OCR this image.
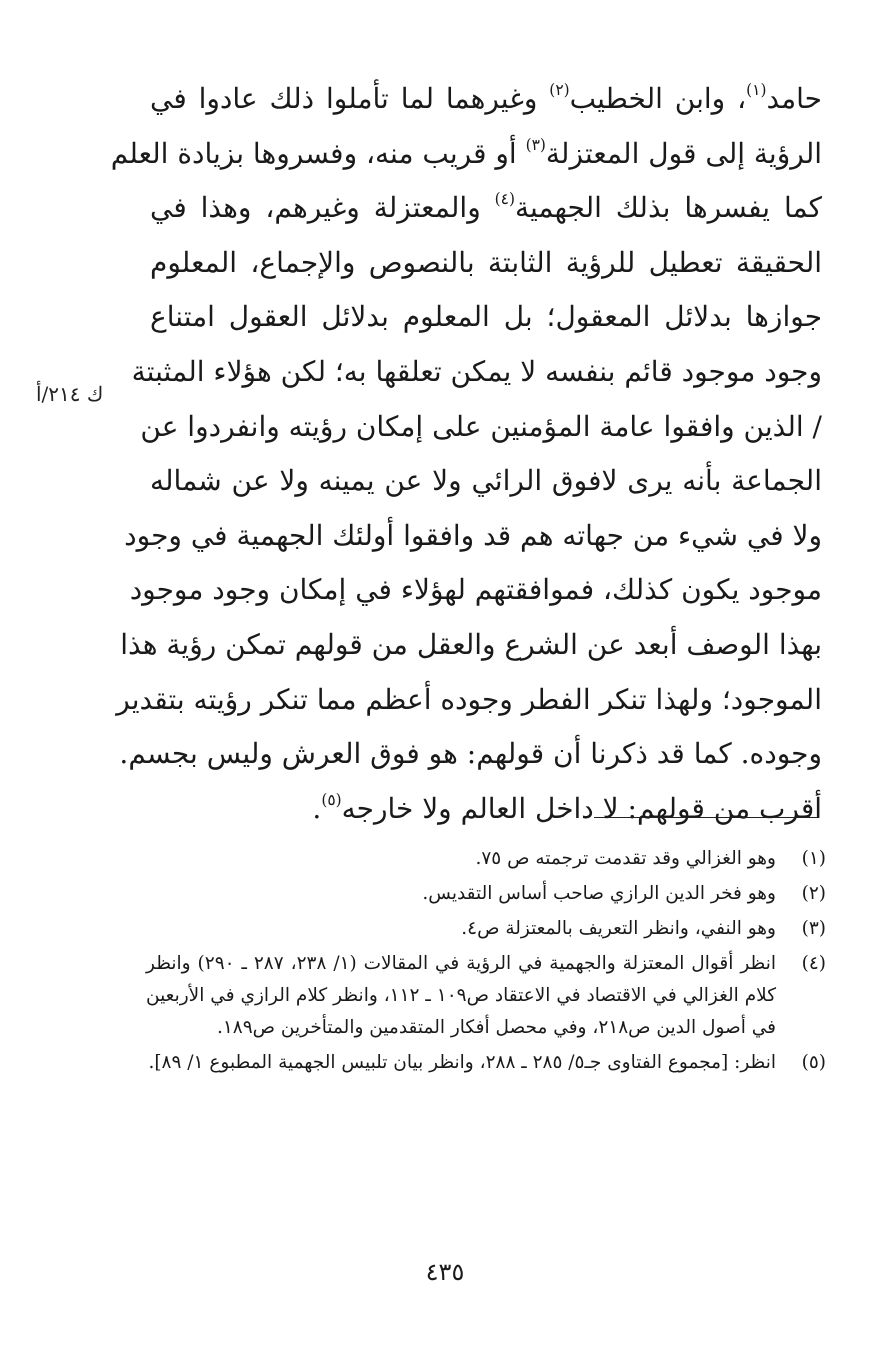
حامد$^{(١)}$، وابن الخطيب$^{(٢)}$ وغيرهما لما تأملوا ذلك عادوا في
الرؤية إلى قول المعتزلة$^{(٣)}$ أو قريب منه، وفسروها بزيادة العلم
كما يفسرها بذلك الجهمية$^{(٤)}$ والمعتزلة وغيرهم، وهذا في
الحقيقة تعطيل للرؤية الثابتة بالنصوص والإجماع، المعلوم
جوازها بدلائل المعقول؛ بل المعلوم بدلائل العقول امتناع
وجود موجود قائم بنفسه لا يمكن تعلقها به؛ لكن هؤلاء المثبتة
/ الذين وافقوا عامة المؤمنين على إمكان رؤيته وانفردوا عن
الجماعة بأنه يرى لافوق الرائي ولا عن يمينه ولا عن شماله
ولا في شيء من جهاته هم قد وافقوا أولئك الجهمية في وجود
موجود يكون كذلك، فموافقتهم لهؤلاء في إمكان وجود موجود
بهذا الوصف أبعد عن الشرع والعقل من قولهم تمكن رؤية هذا
الموجود؛ ولهذا تنكر الفطر وجوده أعظم مما تنكر رؤيته بتقدير
وجوده. كما قد ذكرنا أن قولهم: هو فوق العرش وليس بجسم.
أقرب من قولهم: لا داخل العالم ولا خارجه$^{(٥)}$.
ك ٢١٤/أ
(١)
وهو الغزالي وقد تقدمت ترجمته ص ٧٥.
(٢)
وهو فخر الدين الرازي صاحب أساس التقديس.
(٣)
وهو النفي، وانظر التعريف بالمعتزلة ص٤.
(٤)
انظر أقوال المعتزلة والجهمية في الرؤية في المقالات (١/ ٢٣٨، ٢٨٧ ـ ٢٩٠) وانظر كلام الغزالي في الاقتصاد في الاعتقاد ص١٠٩ ـ ١١٢، وانظر كلام الرازي في الأربعين في أصول الدين ص٢١٨، وفي محصل أفكار المتقدمين والمتأخرين ص١٨٩.
(٥)
انظر: [مجموع الفتاوى جـ٥/ ٢٨٥ ـ ٢٨٨، وانظر بيان تلبيس الجهمية المطبوع ١/ ٨٩].
٤٣٥
